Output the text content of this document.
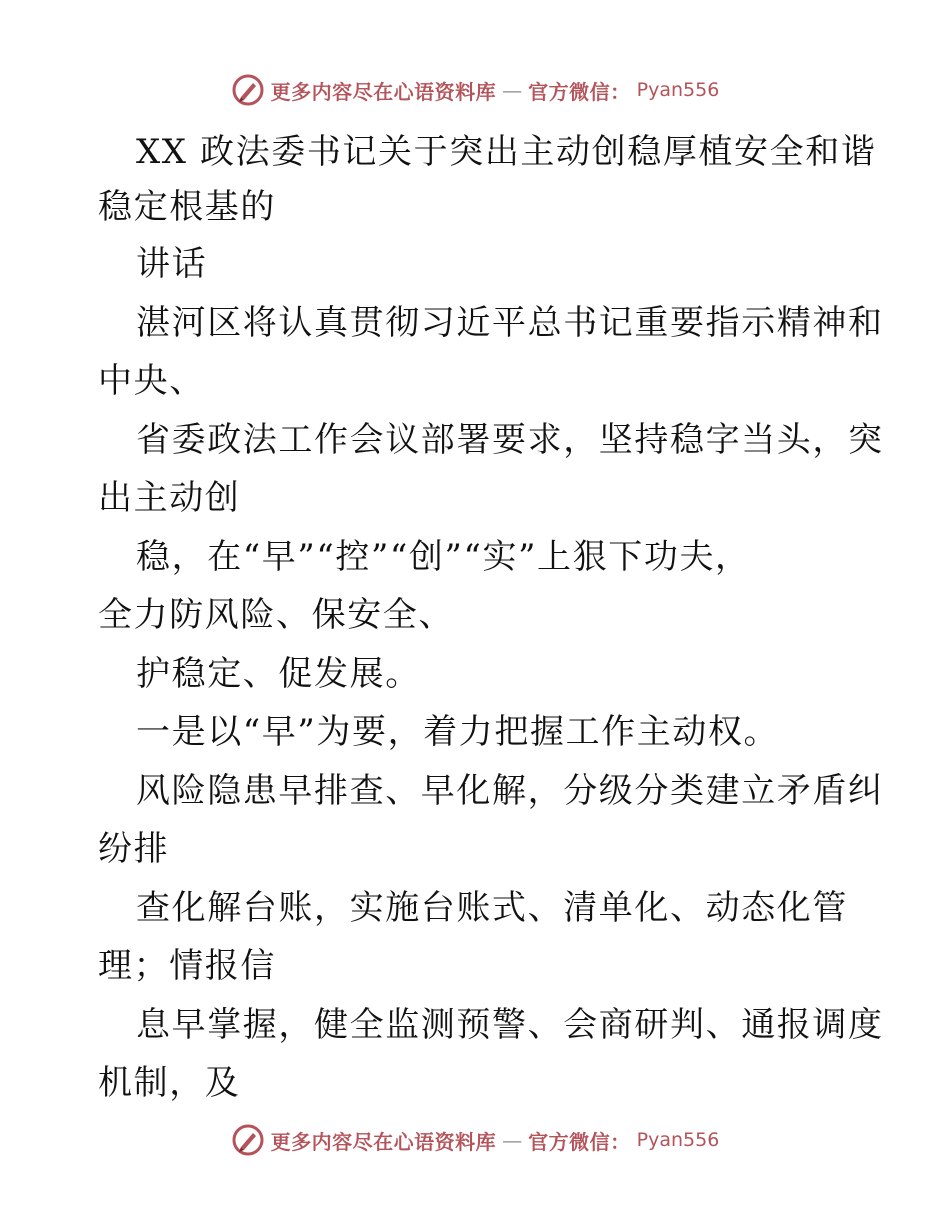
更多内容尽在心语资料库 — 官方微信： Pyan556
XX 政法委书记关于突出主动创稳厚植安全和谐
稳定根基的
讲话
湛河区将认真贯彻习近平总书记重要指示精神和
中央、
省委政法工作会议部署要求，坚持稳字当头，突
出主动创
稳，在“早”“控”“创”“实”上狠下功夫，
全力防风险、保安全、
护稳定、促发展。
一是以“早”为要，着力把握工作主动权。
风险隐患早排查、早化解，分级分类建立矛盾纠
纷排
查化解台账，实施台账式、清单化、动态化管
理；情报信
息早掌握，健全监测预警、会商研判、通报调度
机制，及
更多内容尽在心语资料库 — 官方微信： Pyan556
